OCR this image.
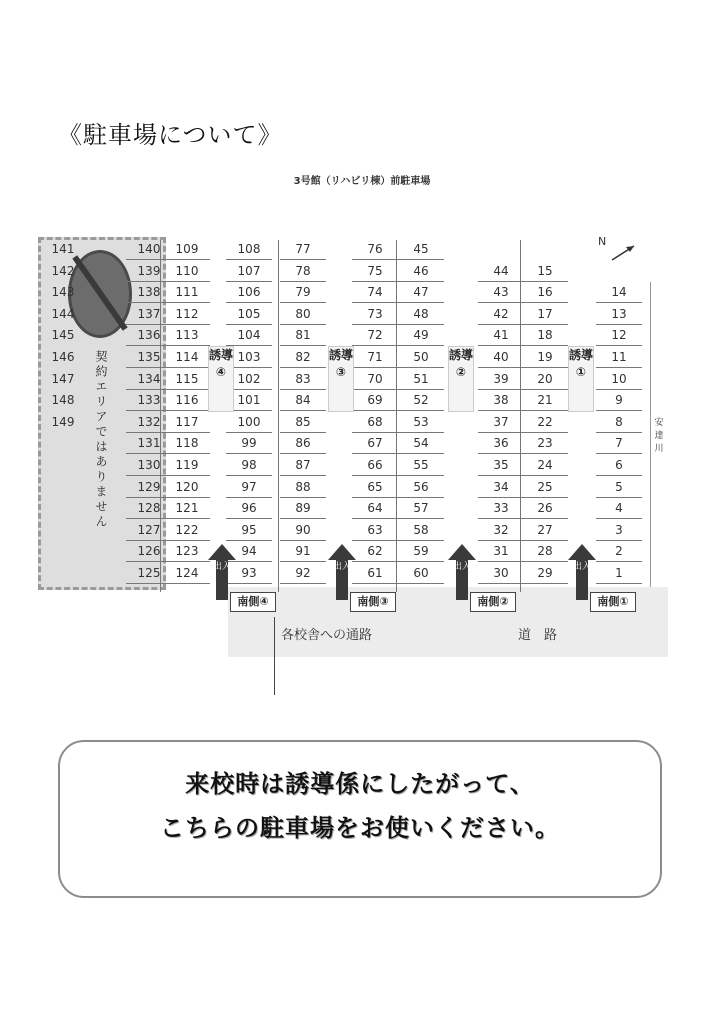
《駐車場について》
3号館（リハビリ棟）前駐車場
各校舎への通路	道　路
契約エリアではありません
N
安
達
川
141
142
143
144
145
146
147
148
149
140
139
138
137
136
135
134
133
132
131
130
129
128
127
126
125
109
110
111
112
113
114
115
116
117
118
119
120
121
122
123
124
108
107
106
105
104
103
102
101
100
99
98
97
96
95
94
93
77
78
79
80
81
82
83
84
85
86
87
88
89
90
91
92
76
75
74
73
72
71
70
69
68
67
66
65
64
63
62
61
45
46
47
48
49
50
51
52
53
54
55
56
57
58
59
60
44
43
42
41
40
39
38
37
36
35
34
33
32
31
30
15
16
17
18
19
20
21
22
23
24
25
26
27
28
29
14
13
12
11
10
9
8
7
6
5
4
3
2
1
誘導④
誘導③
誘導②
誘導①
出入
南側④
出入
南側③
出入
南側②
出入
南側①
来校時は誘導係にしたがって、
こちらの駐車場をお使いください。
